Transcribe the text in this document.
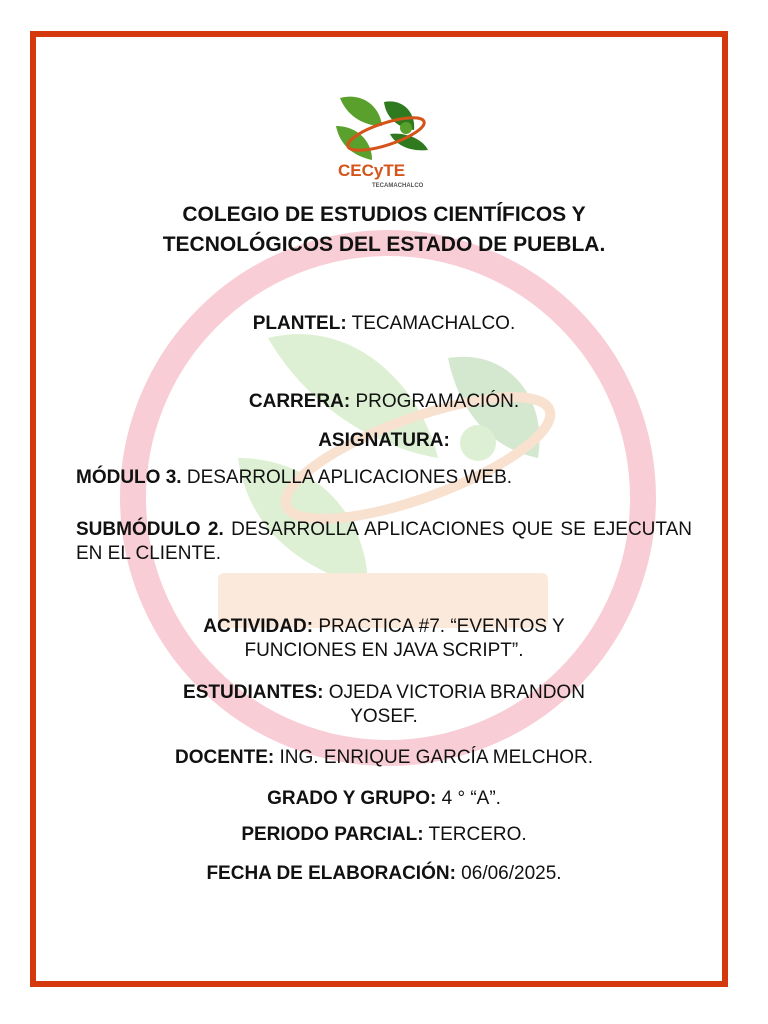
CECyTE
TECAMACHALCO
COLEGIO DE ESTUDIOS CIENTÍFICOS Y
TECNOLÓGICOS DEL ESTADO DE PUEBLA.
PLANTEL: TECAMACHALCO.
CARRERA: PROGRAMACIÓN.
ASIGNATURA:
MÓDULO 3. DESARROLLA APLICACIONES WEB.
SUBMÓDULO 2. DESARROLLA APLICACIONES QUE SE EJECUTAN EN EL CLIENTE.
ACTIVIDAD: PRACTICA #7. “EVENTOS Y
FUNCIONES EN JAVA SCRIPT”.
ESTUDIANTES: OJEDA VICTORIA BRANDON
YOSEF.
DOCENTE: ING. ENRIQUE GARCÍA MELCHOR.
GRADO Y GRUPO: 4 ° “A”.
PERIODO PARCIAL: TERCERO.
FECHA DE ELABORACIÓN: 06/06/2025.
